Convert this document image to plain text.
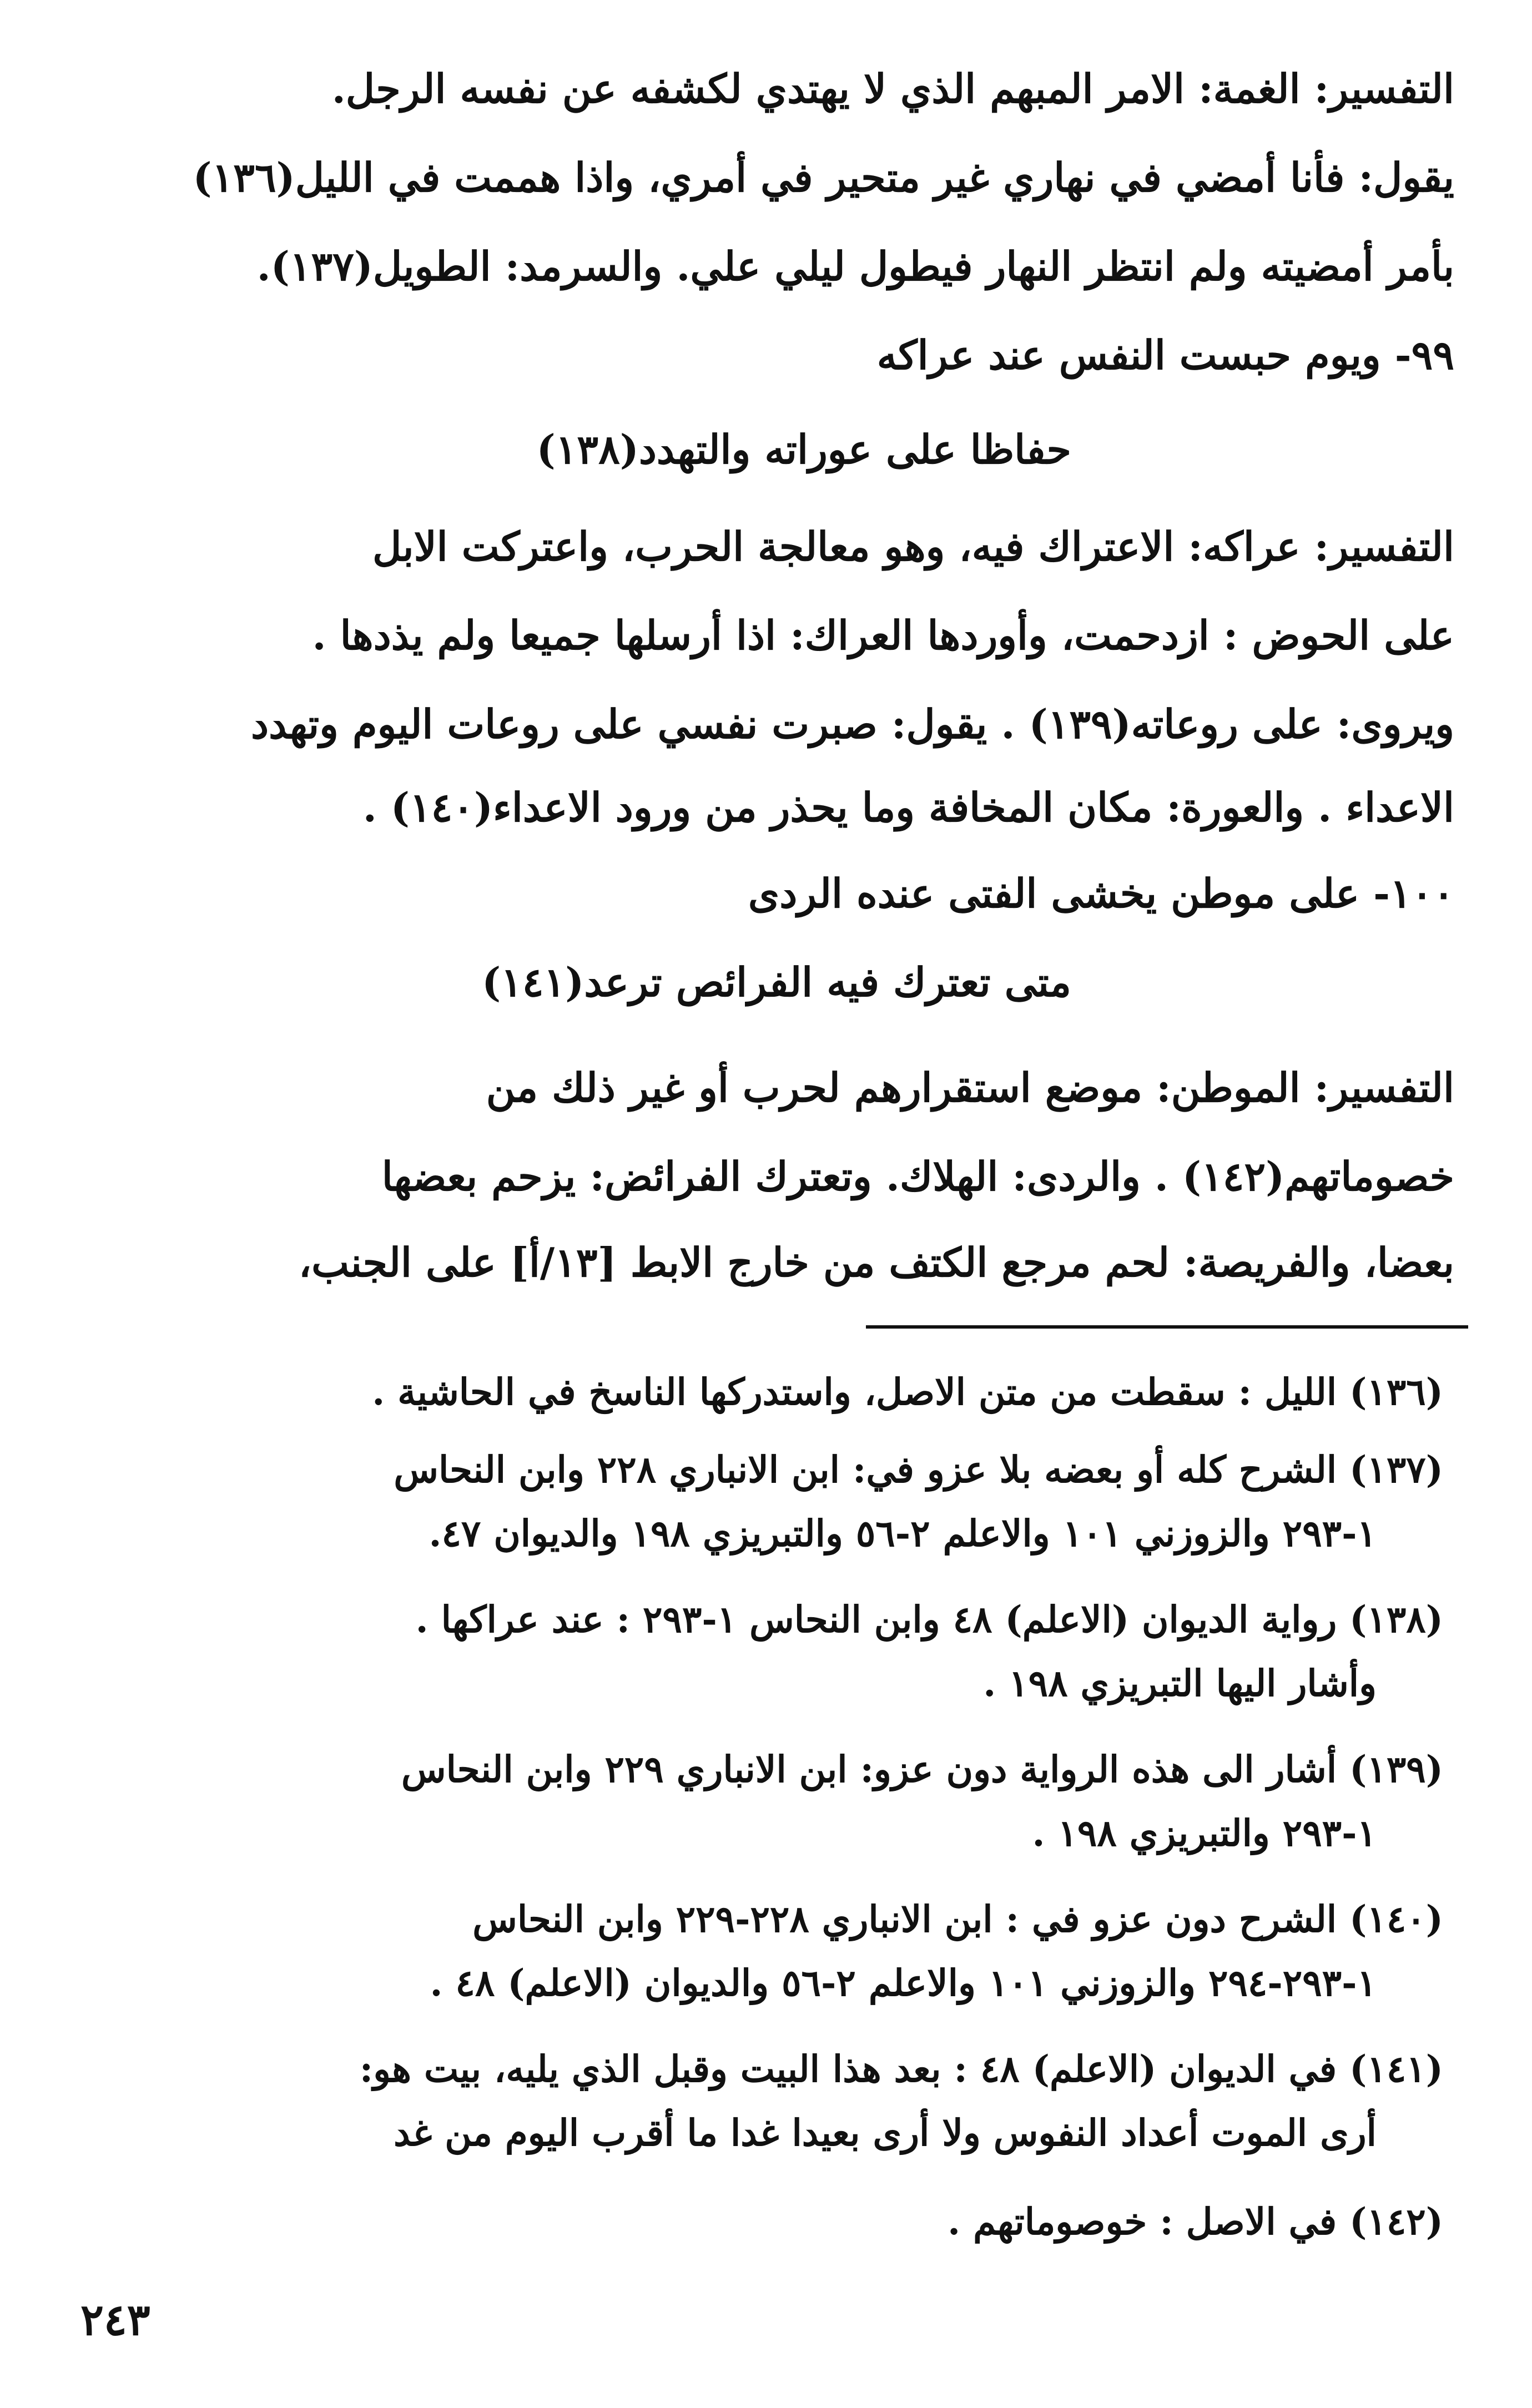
التفسير: الغمة: الامر المبهم الذي لا يهتدي لكشفه عن نفسه الرجل.
يقول: فأنا أمضي في نهاري غير متحير في أمري، واذا هممت في الليل(١٣٦)
بأمر أمضيته ولم انتظر النهار فيطول ليلي علي. والسرمد: الطويل(١٣٧).
٩٩- ويوم حبست النفس عند عراكه
حفاظا على عوراته والتهدد(١٣٨)
التفسير: عراكه: الاعتراك فيه، وهو معالجة الحرب، واعتركت الابل
على الحوض : ازدحمت، وأوردها العراك: اذا أرسلها جميعا ولم يذدها .
ويروى: على روعاته(١٣٩) . يقول: صبرت نفسي على روعات اليوم وتهدد
الاعداء . والعورة: مكان المخافة وما يحذر من ورود الاعداء(١٤٠) .
١٠٠- على موطن يخشى الفتى عنده الردى
متى تعترك فيه الفرائص ترعد(١٤١)
التفسير: الموطن: موضع استقرارهم لحرب أو غير ذلك من
خصوماتهم(١٤٢) . والردى: الهلاك. وتعترك الفرائض: يزحم بعضها
بعضا، والفريصة: لحم مرجع الكتف من خارج الابط [١٣/أ] على الجنب،
(١٣٦) الليل : سقطت من متن الاصل، واستدركها الناسخ في الحاشية .
(١٣٧) الشرح كله أو بعضه بلا عزو في: ابن الانباري ٢٢٨ وابن النحاس
١-٢٩٣ والزوزني ١٠١ والاعلم ٢-٥٦ والتبريزي ١٩٨ والديوان ٤٧.
(١٣٨) رواية الديوان (الاعلم) ٤٨ وابن النحاس ١-٢٩٣ : عند عراكها .
وأشار اليها التبريزي ١٩٨ .
(١٣٩) أشار الى هذه الرواية دون عزو: ابن الانباري ٢٢٩ وابن النحاس
١-٢٩٣ والتبريزي ١٩٨ .
(١٤٠) الشرح دون عزو في : ابن الانباري ٢٢٨-٢٢٩ وابن النحاس
١-٢٩٣-٢٩٤ والزوزني ١٠١ والاعلم ٢-٥٦ والديوان (الاعلم) ٤٨ .
(١٤١) في الديوان (الاعلم) ٤٨ : بعد هذا البيت وقبل الذي يليه، بيت هو:
أرى الموت أعداد النفوس ولا أرى بعيدا غدا ما أقرب اليوم من غد
(١٤٢) في الاصل : خوصوماتهم .
٢٤٣
